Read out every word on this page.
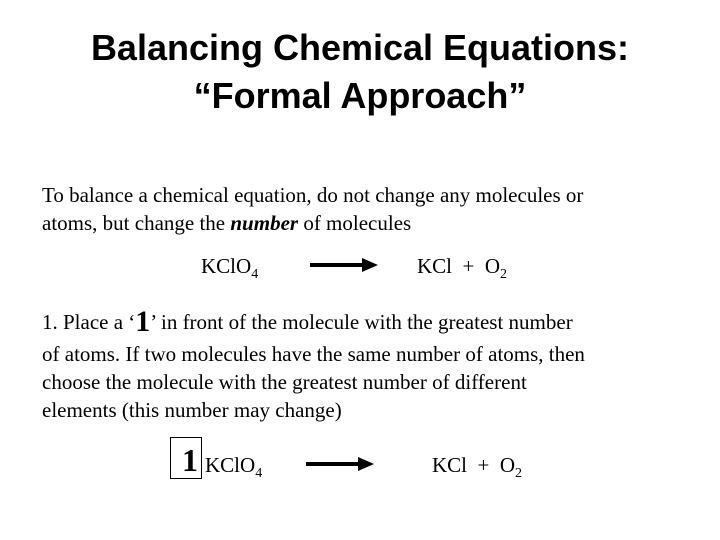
Balancing Chemical Equations:
“Formal Approach”
To balance a chemical equation, do not change any molecules or
atoms, but change the number of molecules
KClO$_4$	KCl + $O_2$
1. Place a ‘1’ in front of the molecule with the greatest number
of atoms. If two molecules have the same number of atoms, then
choose the molecule with the greatest number of different
elements (this number may change)
1 KClO$_4$	KCl + $O_2$
